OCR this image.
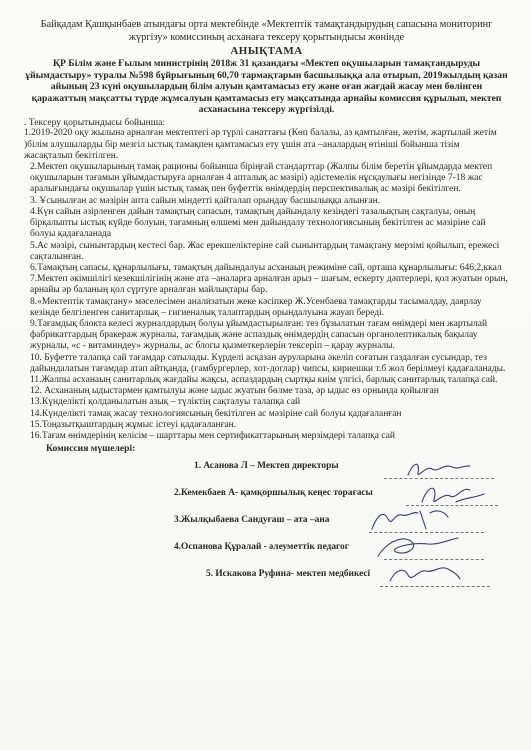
Байқадам Қашқынбаев атындағы орта мектебінде «Мектептік тамақтандырудың сапасына мониторинг жүргізу» комиссиның асханаға тексеру қорытындысы жөнінде
АНЫҚТАМА
ҚР Білім және Ғылым министрінің 2018ж 31 қазандағы «Мектеп оқушыларын тамақтандыруды ұйымдастыру» туралы №598 бұйрығының 60,70 тармақтарын басшылыққа ала отырып, 2019жылдың қазан айының 23 күні оқушылардың білім алуын қамтамасыз ету және оған жағдай жасау мен бөлінген қаражаттың мақсатты түрде жұмсалуын қамтамасыз ету мақсатында арнайы комиссия құрылып, мектеп асханасына тексеру жүргізілді.
. Тексеру қорытындысы бойынша:

1.2019-2020 оқу жылына арналған мектептегі әр түрлі санаттағы (Көп балалы, аз қамтылған, жетім, жартылай жетім )білім алушыларды бір мезгіл ыстық тамақпен қамтамасыз ету үшін ата –аналардың өтініші бойынша тізім жасақталып бекітілген.

2.Мектеп оқушыларының тамақ рационы бойынша біріңғай стандарттар (Жалпы білім беретін ұйымдарда мектеп оқушыларын тағамын ұйымдастыруға арналған 4 апталық ас мәзірі) әдістемелік нұсқаулығы негізінде 7-18 жас аралығындағы оқушылар үшін ыстық тамақ пен буфеттік өнімдердің перспективалық ас мәзірі бекітілген.

3. Ұсынылған ас мәзірін апта сайын міндетті қайталап орындау басшылыққа алынған.

4.Күн сайын әзірленген дайын тамақтың сапасын, тамақтың дайындалу кезіндегі тазалықтың сақталуы, оның бірқалыпты ыстық күйде болуын, тағамның өлшемі мен дайындалу технологиясының бекітілген ас мәзіріне сай болуы қадағаланада

5.Ас мәзірі, сынынтардың кестесі бар. Жас ерекшеліктеріне сай сынынтардың тамақтану мерзімі қойылып, ережесі сақталынған.

6.Тамақтың сапасы, құнарлылығы, тамақтың дайындалуы асханаың режиміне сай, орташа құнарлылығы: 646,2,ккал

7.Мектеп әкімшілігі кезекшілігінің және ата –аналарға арналған арыз – шағым, ескерту дәптерлері, қол жуатын орын, арнайы әр баланың қол сүртуге арналған майлықтары бар.

8.«Мектептік тамақтану» мәселесімен анализатын жеке кәсіпкер Ж.Усенбаева тамақтарды тасымалдау, даярлау кезінде белгіленген санитарлық – гигиеналық талаптардың орындалуына жауап береді.

9.Тағамдық блокта келесі журналдардың болуы ұйымдастырылған: тез бұзылатын тағам өнімдері мен жартылай фабрикаттардың бракераж журналы, тағамдық және аспаздық өнімдердің сапасын органолептикалық бақылау журналы, «с - витаминдеу» журналы, ас блогы қызметкерлерін тексеріп – қарау журналы.

10. Буфетте талапқа сай тағамдар сатылады. Күрделі асқазан ауруларына әкеліп соғатын газдалған сусындар, тез дайындалатын тағамдар атап айтқанда, (гамбургерлер, хот-доглар) чипсы, кириешки т.б жол берілмеуі қадағаланады.

11.Жалпы асханаың санитарлық жағдайы жақсы, аспаздардың сыртқы киім үлгісі, барлық санитарлық талапқа сай.

12. Асхананың ыдыстармен қамтылуы және ыдыс жуатын бөлме таза, әр ыдыс өз орнында қойылған

13.Күнделікті қолданылатын азық – түліктің сақталуы талапқа сай

14.Күнделікті тамақ жасау технологиясының бекітілген ас мәзіріне сай болуы қадағаланған

15.Тоңазытқыштардың жұмыс істеуі қадағаланған.

16.Тағам өнімдерінің келісім – шарттары мен сертификаттарының мерзімдері талапқа сай

Комиссия мүшелері:
1. Асанова Л – Мектеп директоры
2.Кемекбаев А- қамқоршылық кеңес торағасы
3.Жылқыбаева Сандуғаш – ата –ана
4.Оспанова Құралай - әлеуметтік педагог
5. Искакова Руфина- мектеп медбикесі
